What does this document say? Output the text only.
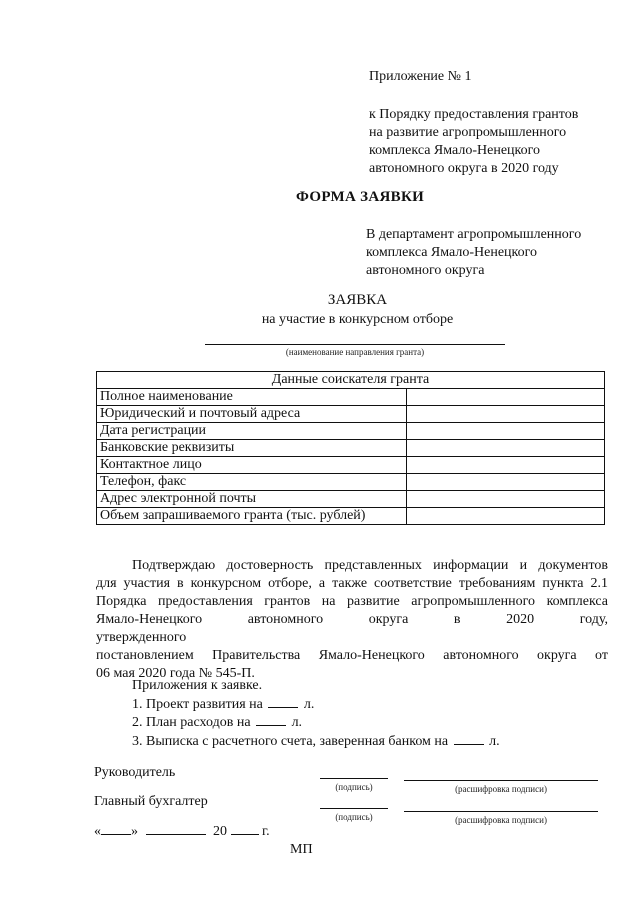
Приложение № 1
к Порядку предоставления грантов
на развитие агропромышленного
комплекса Ямало-Ненецкого
автономного округа в 2020 году
ФОРМА ЗАЯВКИ
В департамент агропромышленного
комплекса Ямало-Ненецкого
автономного округа
ЗАЯВКА
на участие в конкурсном отборе
(наименование направления гранта)
Данные соискателя гранта	
Полное наименование	
Юридический и почтовый адреса	
Дата регистрации	
Банковские реквизиты	
Контактное лицо	
Телефон, факс	
Адрес электронной почты	
Объем запрашиваемого гранта (тыс. рублей)	
Подтверждаю достоверность представленных информации и документов
для участия в конкурсном отборе, а также соответствие требованиям пункта 2.1
Порядка предоставления грантов на развитие агропромышленного комплекса
Ямало-Ненецкого автономного округа в 2020 году, утвержденного
постановлением Правительства Ямало-Ненецкого автономного округа от
06 мая 2020 года № 545-П.
Приложения к заявке.
1. Проект развития на	л.
2. План расходов на	л.
3. Выписка с расчетного счета, заверенная банком на	л.
Руководитель
(подпись)	(расшифровка подписи)
Главный бухгалтер
(подпись)	(расшифровка подписи)
« »	20	г.
МП
